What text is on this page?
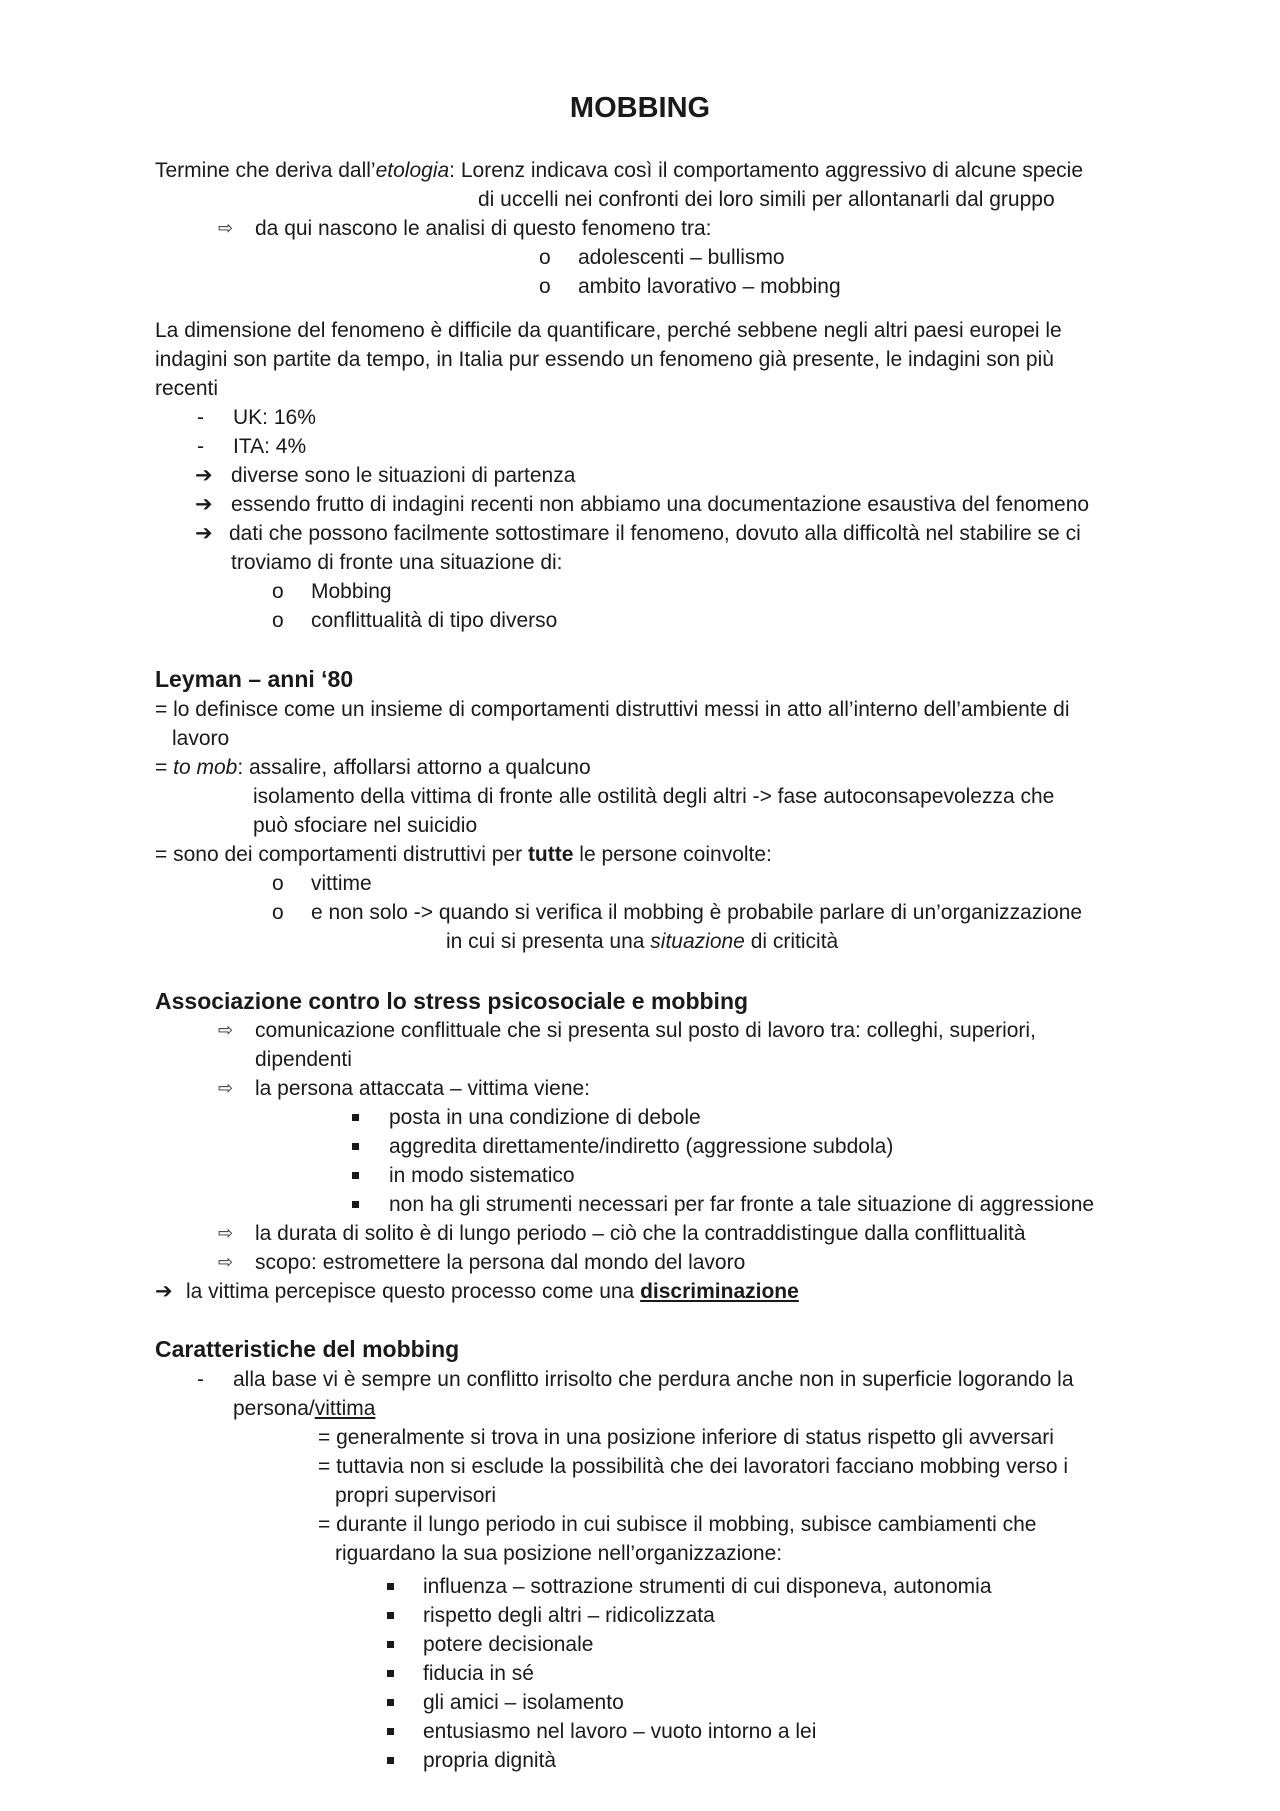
MOBBING
Termine che deriva dall’etologia: Lorenz indicava così il comportamento aggressivo di alcune specie
di uccelli nei confronti dei loro simili per allontanarli dal gruppo
⇨ da qui nascono le analisi di questo fenomeno tra:
o adolescenti – bullismo
o ambito lavorativo – mobbing
La dimensione del fenomeno è difficile da quantificare, perché sebbene negli altri paesi europei le
indagini son partite da tempo, in Italia pur essendo un fenomeno già presente, le indagini son più
recenti
- UK: 16%
- ITA: 4%
➔ diverse sono le situazioni di partenza
➔ essendo frutto di indagini recenti non abbiamo una documentazione esaustiva del fenomeno
➔ dati che possono facilmente sottostimare il fenomeno, dovuto alla difficoltà nel stabilire se ci
troviamo di fronte una situazione di:
o Mobbing
o conflittualità di tipo diverso
Leyman – anni ‘80
= lo definisce come un insieme di comportamenti distruttivi messi in atto all’interno dell’ambiente di
lavoro
= to mob: assalire, affollarsi attorno a qualcuno
isolamento della vittima di fronte alle ostilità degli altri -> fase autoconsapevolezza che
può sfociare nel suicidio
= sono dei comportamenti distruttivi per tutte le persone coinvolte:
o vittime
o e non solo -> quando si verifica il mobbing è probabile parlare di un’organizzazione
in cui si presenta una situazione di criticità
Associazione contro lo stress psicosociale e mobbing
⇨ comunicazione conflittuale che si presenta sul posto di lavoro tra: colleghi, superiori,
dipendenti
⇨ la persona attaccata – vittima viene:
posta in una condizione di debole
aggredita direttamente/indiretto (aggressione subdola)
in modo sistematico
non ha gli strumenti necessari per far fronte a tale situazione di aggressione
⇨ la durata di solito è di lungo periodo – ciò che la contraddistingue dalla conflittualità
⇨ scopo: estromettere la persona dal mondo del lavoro
➔ la vittima percepisce questo processo come una discriminazione
Caratteristiche del mobbing
- alla base vi è sempre un conflitto irrisolto che perdura anche non in superficie logorando la
persona/vittima
= generalmente si trova in una posizione inferiore di status rispetto gli avversari
= tuttavia non si esclude la possibilità che dei lavoratori facciano mobbing verso i
propri supervisori
= durante il lungo periodo in cui subisce il mobbing, subisce cambiamenti che
riguardano la sua posizione nell’organizzazione:
influenza – sottrazione strumenti di cui disponeva, autonomia
rispetto degli altri – ridicolizzata
potere decisionale
fiducia in sé
gli amici – isolamento
entusiasmo nel lavoro – vuoto intorno a lei
propria dignità
